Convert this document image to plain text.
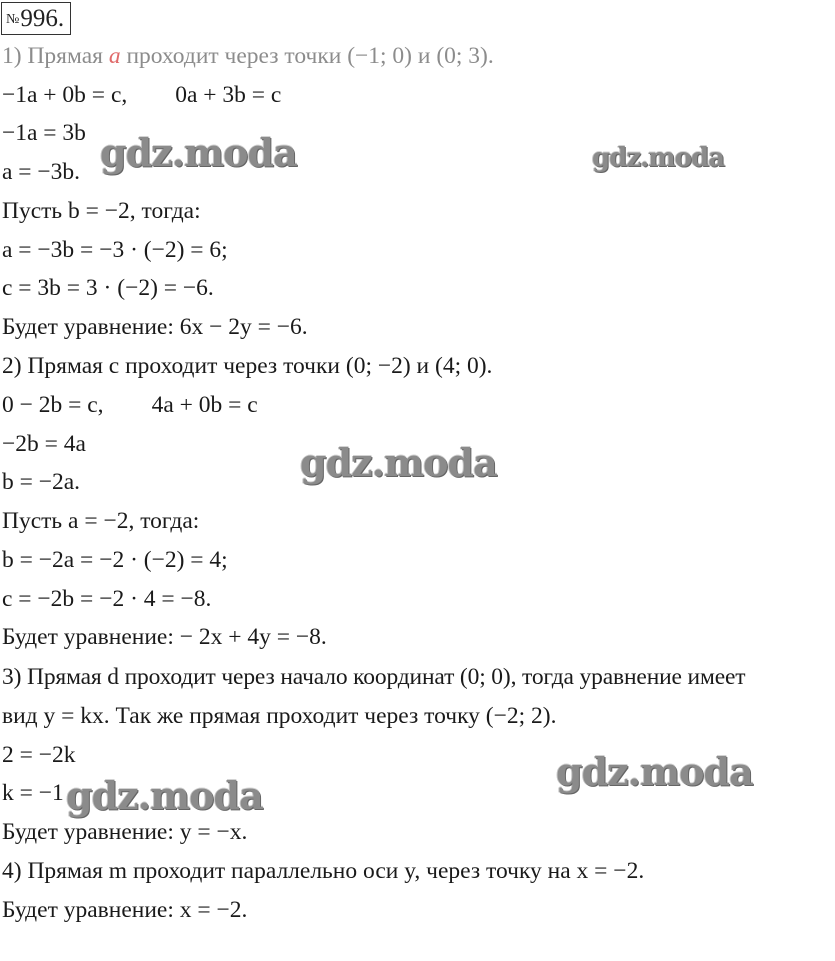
№996.
1) Прямая a проходит через точки (−1; 0) и (0; 3).
−1a + 0b = c, 0a + 3b = c
−1a = 3b
a = −3b.
Пусть b = −2, тогда:
a = −3b = −3 · (−2) = 6;
c = 3b = 3 · (−2) = −6.
Будет уравнение: 6x − 2y = −6.
2) Прямая c проходит через точки (0; −2) и (4; 0).
0 − 2b = c, 4a + 0b = c
−2b = 4a
b = −2a.
Пусть a = −2, тогда:
b = −2a = −2 · (−2) = 4;
c = −2b = −2 · 4 = −8.
Будет уравнение: − 2x + 4y = −8.
3) Прямая d проходит через начало координат (0; 0), тогда уравнение имеет
вид y = kx. Так же прямая проходит через точку (−2; 2).
2 = −2k
k = −1
Будет уравнение: y = −x.
4) Прямая m проходит параллельно оси y, через точку на x = −2.
Будет уравнение: x = −2.
gdz.moda	gdz.moda
gdz.moda
gdz.moda
gdz.moda
